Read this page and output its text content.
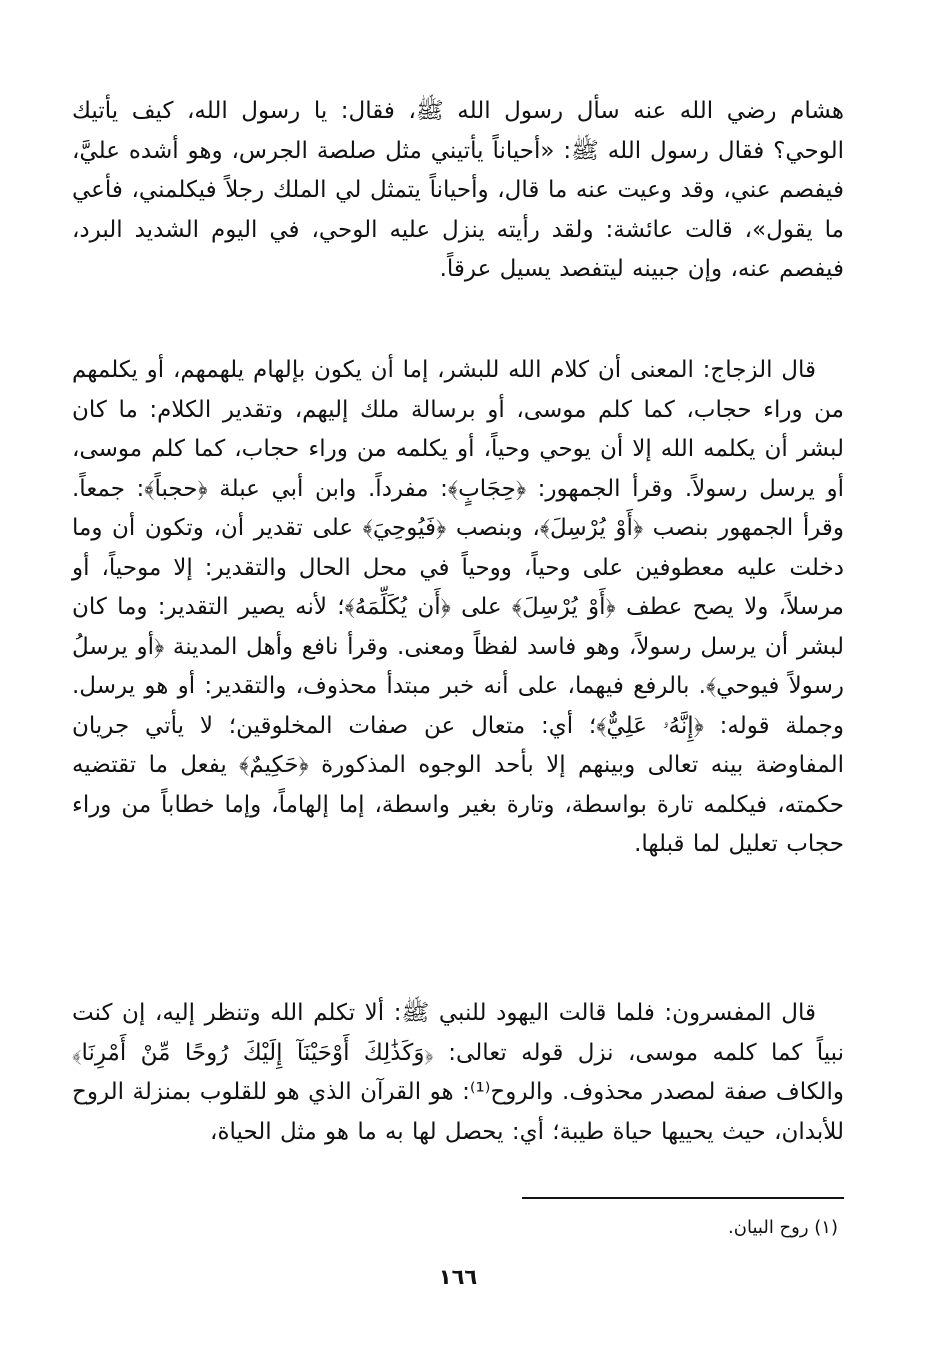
هشام رضي الله عنه سأل رسول الله ﷺ، فقال: يا رسول الله، كيف يأتيك الوحي؟ فقال رسول الله ﷺ: «أحياناً يأتيني مثل صلصة الجرس، وهو أشده عليَّ، فيفصم عني، وقد وعيت عنه ما قال، وأحياناً يتمثل لي الملك رجلاً فيكلمني، فأعي ما يقول»، قالت عائشة: ولقد رأيته ينزل عليه الوحي، في اليوم الشديد البرد، فيفصم عنه، وإن جبينه ليتفصد يسيل عرقاً.

قال الزجاج: المعنى أن كلام الله للبشر، إما أن يكون بإلهام يلهمهم، أو يكلمهم من وراء حجاب، كما كلم موسى، أو برسالة ملك إليهم، وتقدير الكلام: ما كان لبشر أن يكلمه الله إلا أن يوحي وحياً، أو يكلمه من وراء حجاب، كما كلم موسى، أو يرسل رسولاً. وقرأ الجمهور: ﴿حِجَابٍ﴾: مفرداً. وابن أبي عبلة ﴿حجباً﴾: جمعاً. وقرأ الجمهور بنصب ﴿أَوْ يُرْسِلَ﴾، وبنصب ﴿فَيُوحِيَ﴾ على تقدير أن، وتكون أن وما دخلت عليه معطوفين على وحياً، ووحياً في محل الحال والتقدير: إلا موحياً، أو مرسلاً، ولا يصح عطف ﴿أَوْ يُرْسِلَ﴾ على ﴿أَن يُكَلِّمَهُ﴾؛ لأنه يصير التقدير: وما كان لبشر أن يرسل رسولاً، وهو فاسد لفظاً ومعنى. وقرأ نافع وأهل المدينة ﴿أو يرسلُ رسولاً فيوحي﴾. بالرفع فيهما، على أنه خبر مبتدأ محذوف، والتقدير: أو هو يرسل. وجملة قوله: ﴿إِنَّهُۥ عَلِيٌّ﴾؛ أي: متعال عن صفات المخلوقين؛ لا يأتي جريان المفاوضة بينه تعالى وبينهم إلا بأحد الوجوه المذكورة ﴿حَكِيمٌ﴾ يفعل ما تقتضيه حكمته، فيكلمه تارة بواسطة، وتارة بغير واسطة، إما إلهاماً، وإما خطاباً من وراء حجاب تعليل لما قبلها.

قال المفسرون: فلما قالت اليهود للنبي ﷺ: ألا تكلم الله وتنظر إليه، إن كنت نبياً كما كلمه موسى، نزل قوله تعالى: ﴿وَكَذَٰلِكَ أَوْحَيْنَآ إِلَيْكَ رُوحًا مِّنْ أَمْرِنَا﴾ والكاف صفة لمصدر محذوف. والروح⁽¹⁾: هو القرآن الذي هو للقلوب بمنزلة الروح للأبدان، حيث يحييها حياة طيبة؛ أي: يحصل لها به ما هو مثل الحياة،

(١) روح البيان.

١٦٦
